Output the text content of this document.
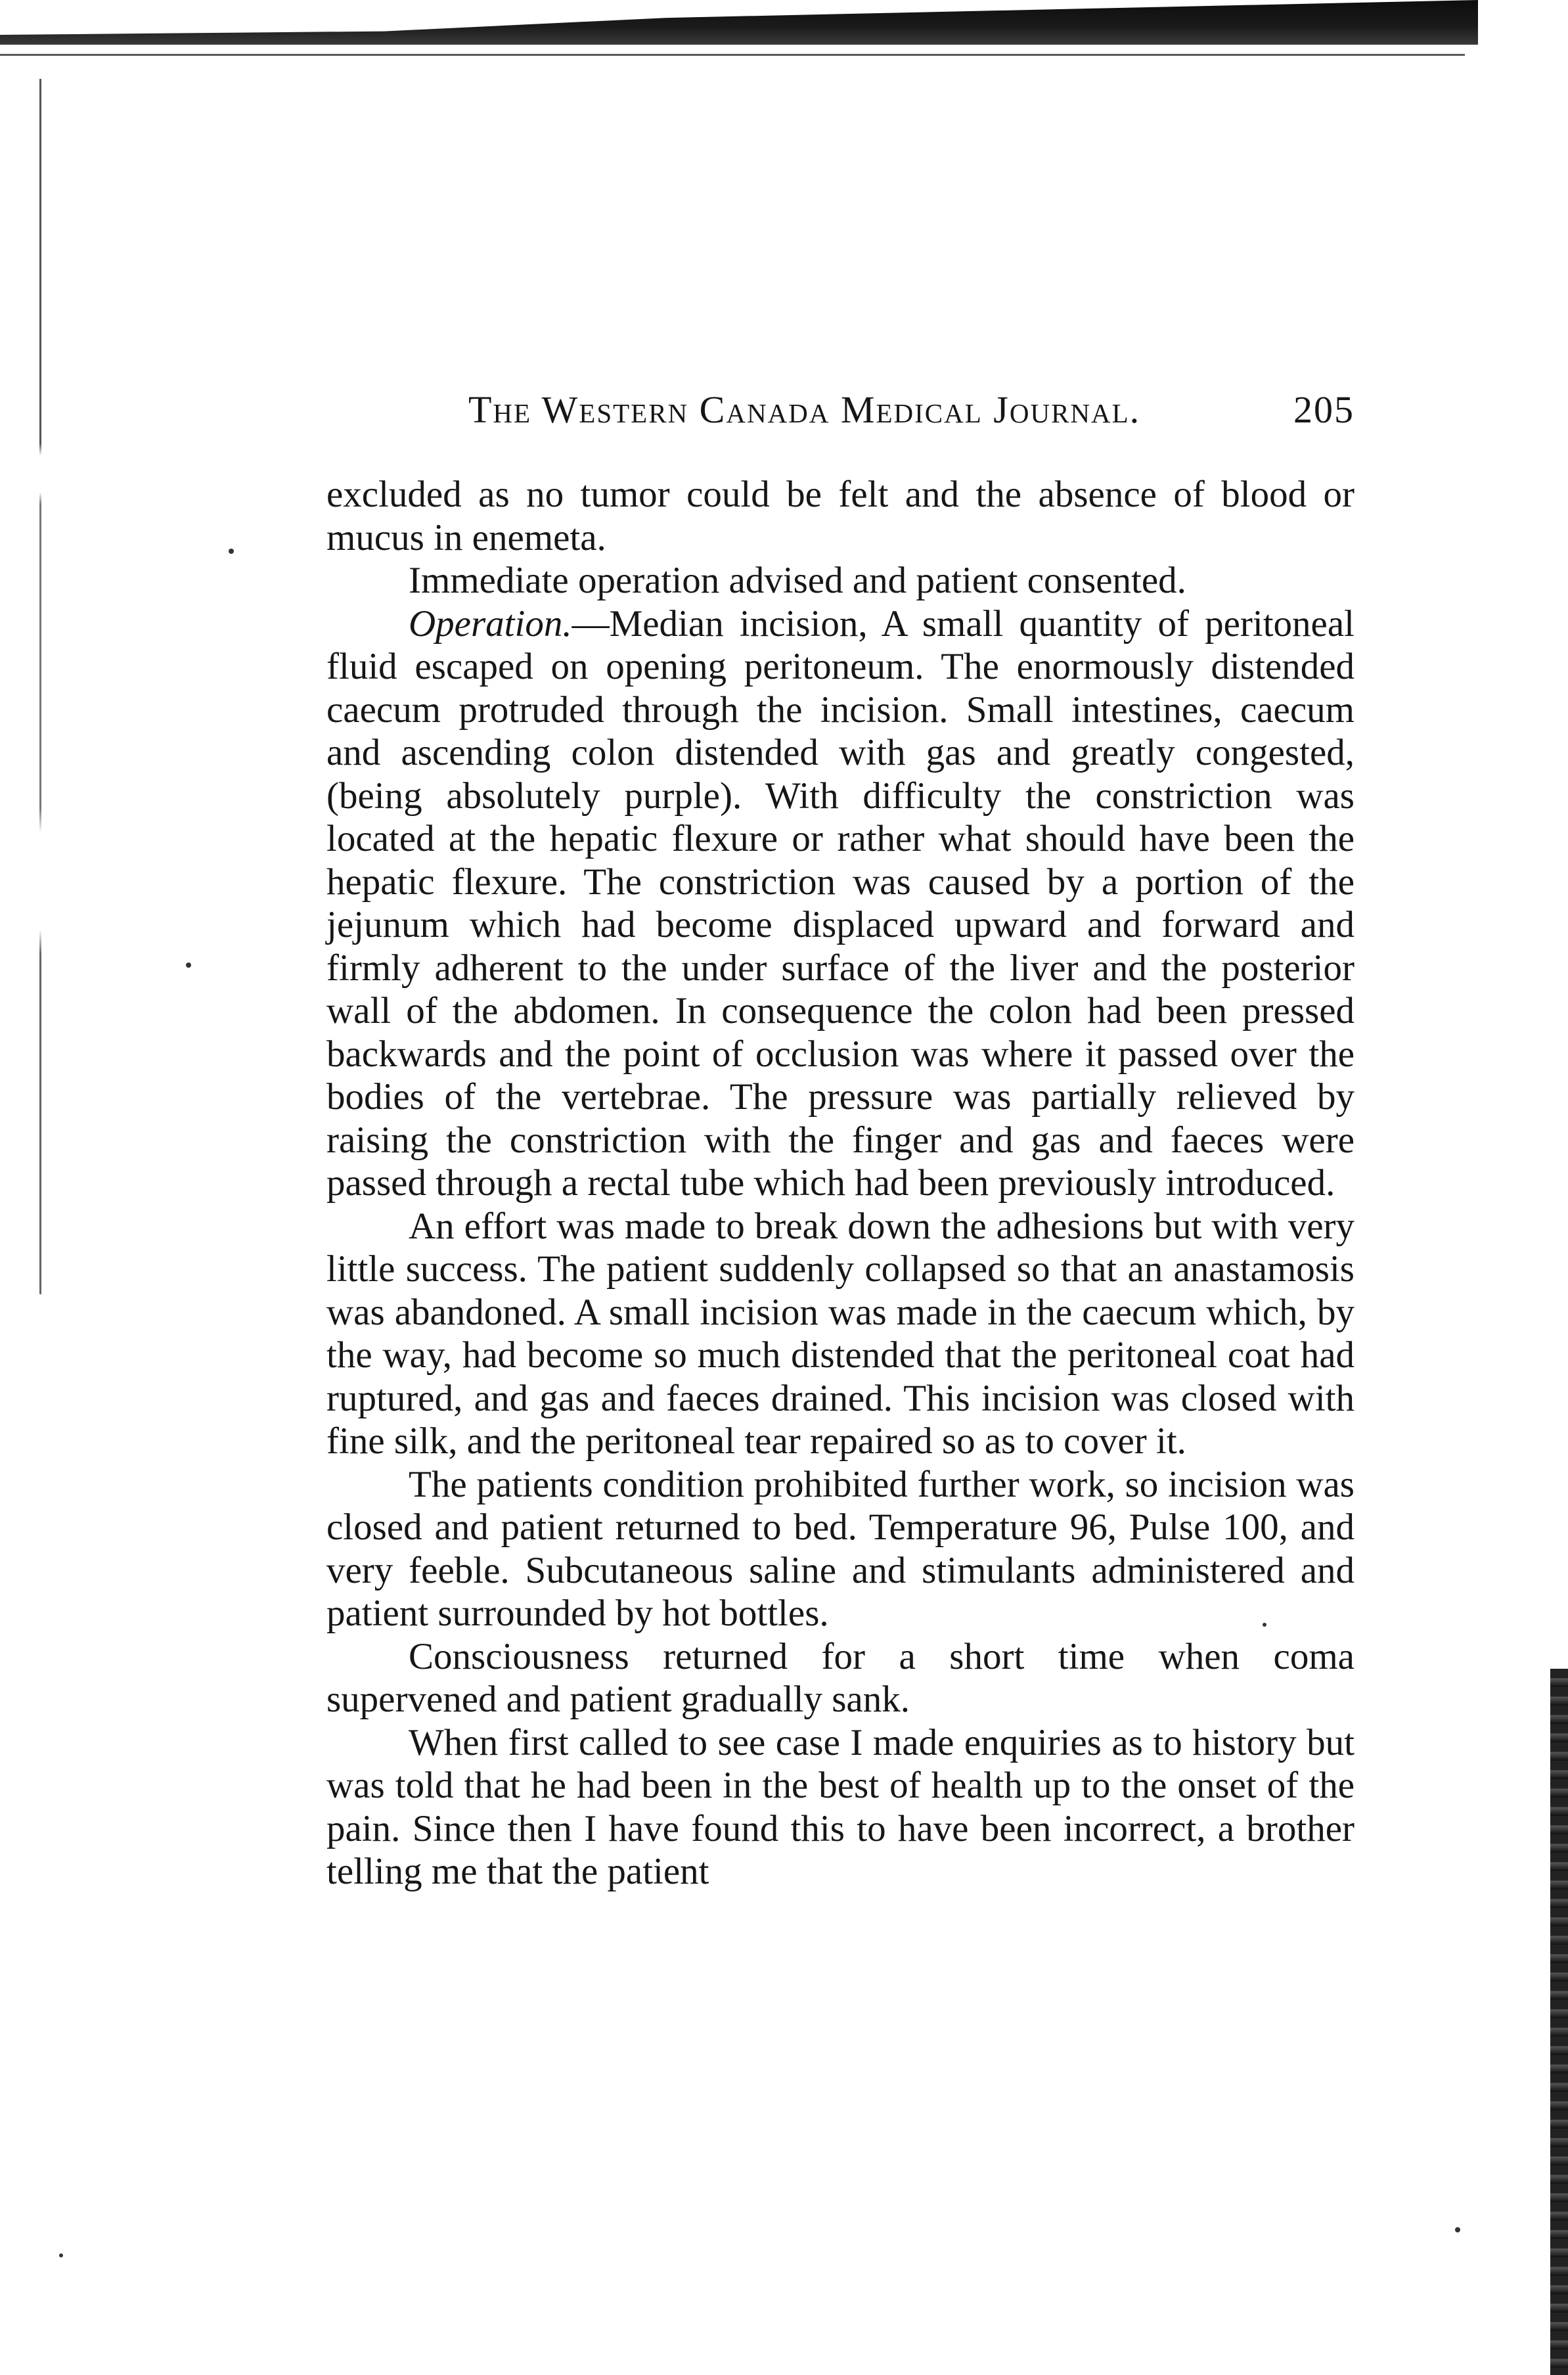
The Western Canada Medical Journal.	205

excluded as no tumor could be felt and the absence of blood or mucus in enemeta.

Immediate operation advised and patient consented.

Operation.—Median incision, A small quantity of peritoneal fluid escaped on opening peritoneum. The enormously distended caecum protruded through the incision. Small intestines, caecum and ascending colon distended with gas and greatly congested, (being absolutely purple). With difficulty the constriction was located at the hepatic flexure or rather what should have been the hepatic flexure. The constriction was caused by a portion of the jejunum which had become displaced upward and forward and firmly adherent to the under surface of the liver and the posterior wall of the abdomen. In consequence the colon had been pressed backwards and the point of occlusion was where it passed over the bodies of the vertebrae. The pressure was partially relieved by raising the constriction with the finger and gas and faeces were passed through a rectal tube which had been previously introduced.

An effort was made to break down the adhesions but with very little success. The patient suddenly collapsed so that an anastamosis was abandoned. A small incision was made in the caecum which, by the way, had become so much distended that the peritoneal coat had ruptured, and gas and faeces drained. This incision was closed with fine silk, and the peritoneal tear repaired so as to cover it.

The patients condition prohibited further work, so incision was closed and patient returned to bed. Temperature 96, Pulse 100, and very feeble. Subcutaneous saline and stimulants administered and patient surrounded by hot bottles.

Consciousness returned for a short time when coma supervened and patient gradually sank.

When first called to see case I made enquiries as to history but was told that he had been in the best of health up to the onset of the pain. Since then I have found this to have been incorrect, a brother telling me that the patient
